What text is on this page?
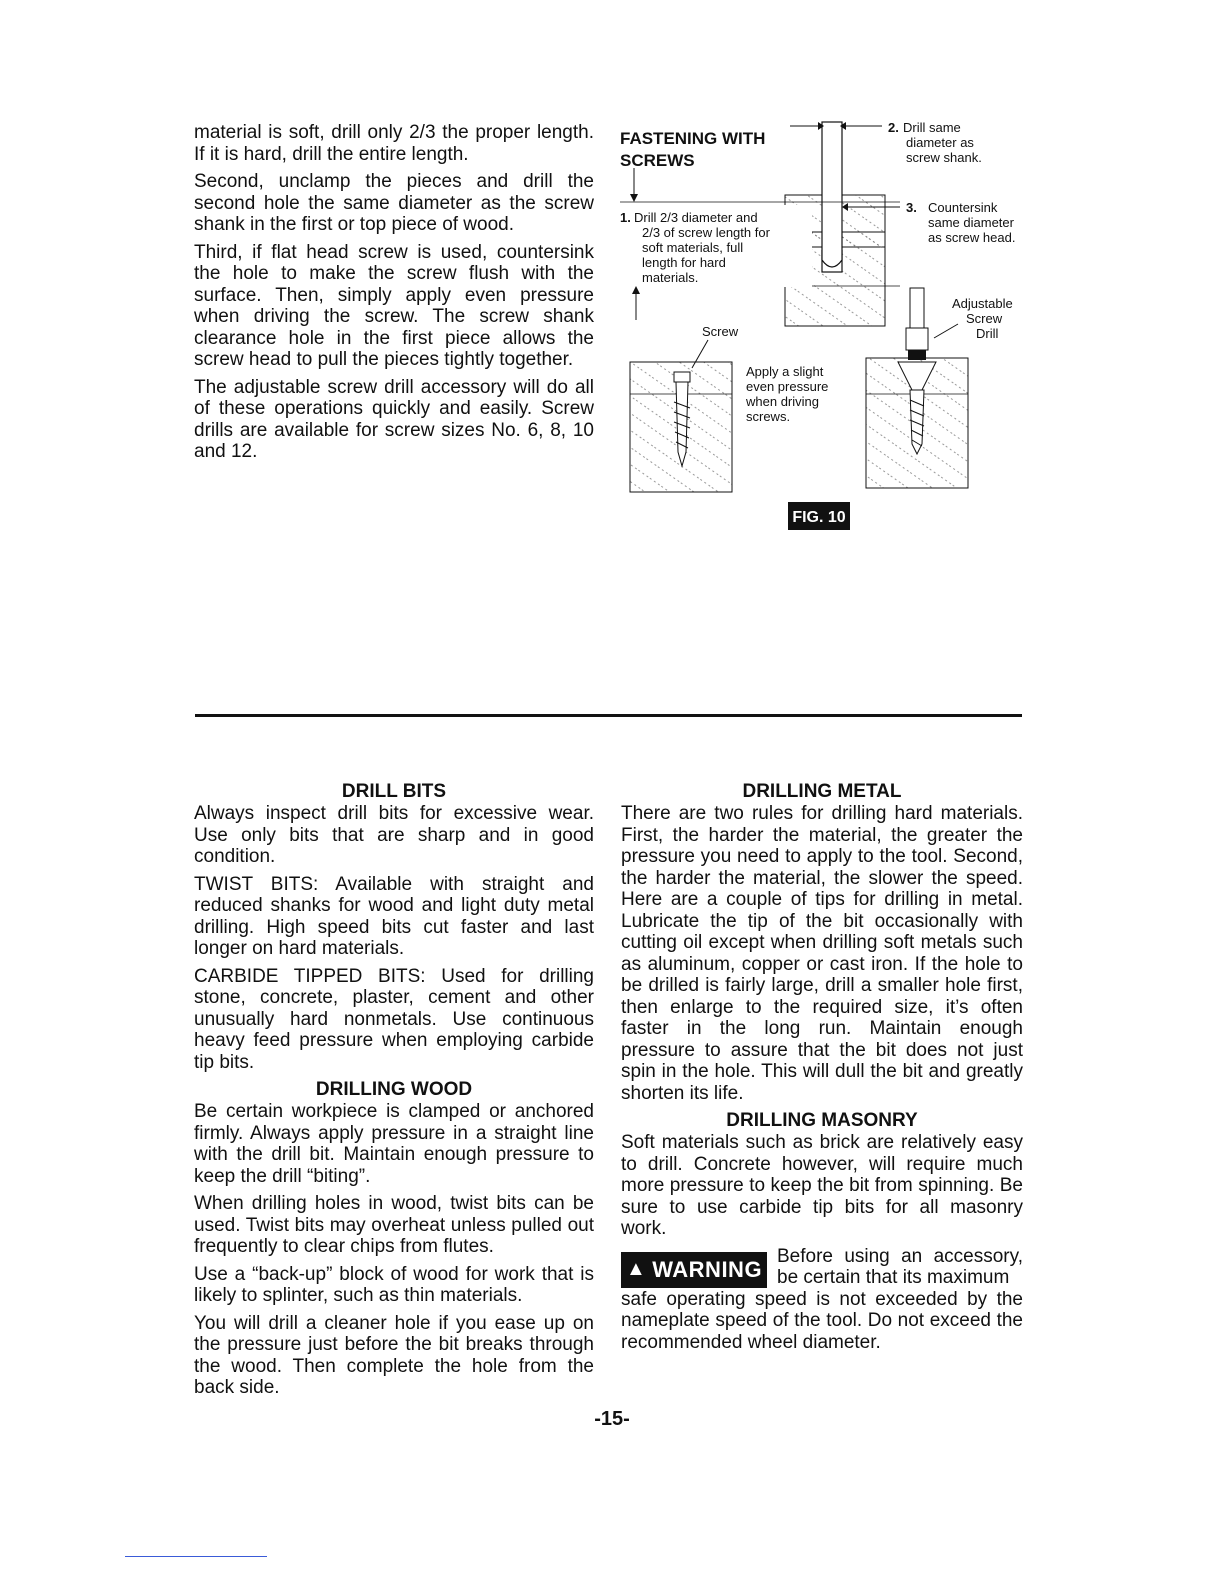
material is soft, drill only 2/3 the proper length. If it is hard, drill the entire length.

Second, unclamp the pieces and drill the second hole the same diameter as the screw shank in the first or top piece of wood.

Third, if flat head screw is used, countersink the hole to make the screw flush with the surface. Then, simply apply even pressure when driving the screw. The screw shank clearance hole in the first piece allows the screw head to pull the pieces tightly together.

The adjustable screw drill accessory will do all of these operations quickly and easily. Screw drills are available for screw sizes No. 6, 8, 10 and 12.

FASTENING WITH
SCREWS
1. Drill 2/3 diameter and
2/3 of screw length for
soft materials, full
length for hard
materials.
2. Drill same
diameter as
screw shank.
3. Countersink
same diameter
as screw head.
Screw
Apply a slight
even pressure
when driving
screws.
Adjustable
Screw
Drill
FIG. 10
DRILL BITS

Always inspect drill bits for excessive wear. Use only bits that are sharp and in good condition.

TWIST BITS: Available with straight and reduced shanks for wood and light duty metal drilling. High speed bits cut faster and last longer on hard materials.

CARBIDE TIPPED BITS: Used for drilling stone, concrete, plaster, cement and other unusually hard nonmetals. Use continuous heavy feed pressure when employing carbide tip bits.

DRILLING WOOD

Be certain workpiece is clamped or anchored firmly. Always apply pressure in a straight line with the drill bit. Maintain enough pressure to keep the drill “biting”.

When drilling holes in wood, twist bits can be used. Twist bits may overheat unless pulled out frequently to clear chips from flutes.

Use a “back-up” block of wood for work that is likely to splinter, such as thin materials.

You will drill a cleaner hole if you ease up on the pressure just before the bit breaks through the wood. Then complete the hole from the back side.

DRILLING METAL

There are two rules for drilling hard materials. First, the harder the material, the greater the pressure you need to apply to the tool. Second, the harder the material, the slower the speed. Here are a couple of tips for drilling in metal. Lubricate the tip of the bit occasionally with cutting oil except when drilling soft metals such as aluminum, copper or cast iron. If the hole to be drilled is fairly large, drill a smaller hole first, then enlarge to the required size, it’s often faster in the long run. Maintain enough pressure to assure that the bit does not just spin in the hole. This will dull the bit and greatly shorten its life.

DRILLING MASONRY

Soft materials such as brick are relatively easy to drill. Concrete however, will require much more pressure to keep the bit from spinning. Be sure to use carbide tip bits for all masonry work.

▲ WARNING

Before using an accessory, be certain that its maximum

safe operating speed is not exceeded by the nameplate speed of the tool. Do not exceed the recommended wheel diameter.

-15-
